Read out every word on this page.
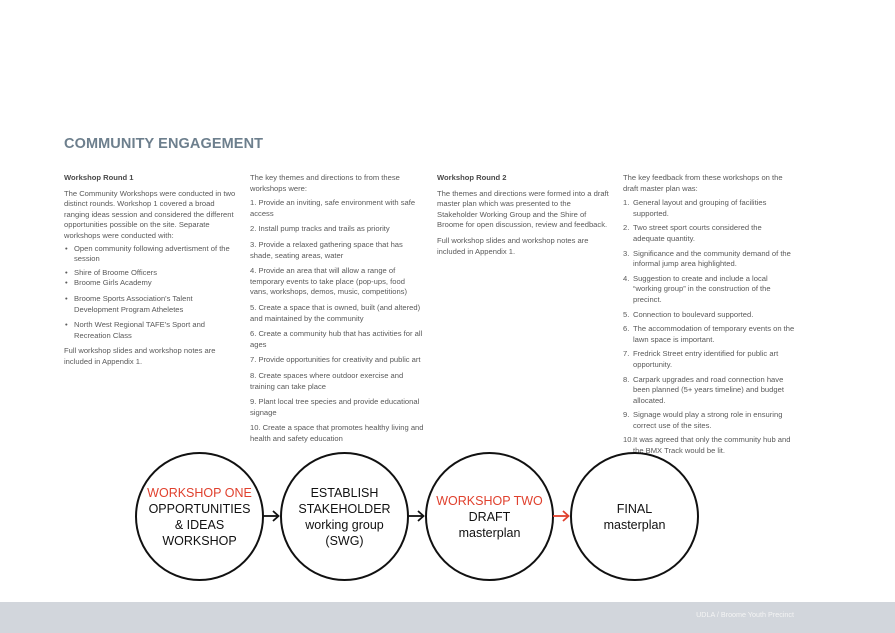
COMMUNITY ENGAGEMENT
Workshop Round 1

The Community Workshops were conducted in two distinct rounds. Workshop 1 covered a broad ranging ideas session and considered the different opportunities possible on the site. Separate workshops were conducted with:

• Open community following advertisment of the session
• Shire of Broome Officers
• Broome Girls Academy
• Broome Sports Association's Talent Development Program Atheletes
• North West Regional TAFE's Sport and Recreation Class

Full workshop slides and workshop notes are included in Appendix 1.

The key themes and directions to from these workshops were:

1. Provide an inviting, safe environment with safe access

2. Install pump tracks and trails as priority

3. Provide a relaxed gathering space that has shade, seating areas, water

4. Provide an area that will allow a range of temporary events to take place (pop-ups, food vans, workshops, demos, music, competitions)

5. Create a space that is owned, built (and altered) and maintained by the community

6. Create a community hub that has activities for all ages

7. Provide opportunities for creativity and public art

8. Create spaces where outdoor exercise and training can take place

9. Plant local tree species and provide educational signage

10. Create a space that promotes healthy living and health and safety education

Workshop Round 2

The themes and directions were formed into a draft master plan which was presented to the Stakeholder Working Group and the Shire of Broome for open discussion, review and feedback.

Full workshop slides and workshop notes are included in Appendix 1.

The key feedback from these workshops on the draft master plan was:

1. General layout and grouping of facilities supported.
2. Two street sport courts considered the adequate quantity.
3. Significance and the community demand of the informal jump area highlighted.
4. Suggestion to create and include a local “working group” in the construction of the precinct.
5. Connection to boulevard supported.
6. The accommodation of temporary events on the lawn space is important.
7. Fredrick Street entry identified for public art opportunity.
8. Carpark upgrades and road connection have been planned (5+ years timeline) and budget allocated.
9. Signage would play a strong role in ensuring correct use of the sites.
10. It was agreed that only the community hub and the BMX Track would be lit.
WORKSHOP ONE
OPPORTUNITIES
& IDEAS
WORKSHOP
ESTABLISH
STAKEHOLDER
working group
(SWG)
WORKSHOP TWO
DRAFT
masterplan
FINAL
masterplan
UDLA / Broome Youth Precinct
